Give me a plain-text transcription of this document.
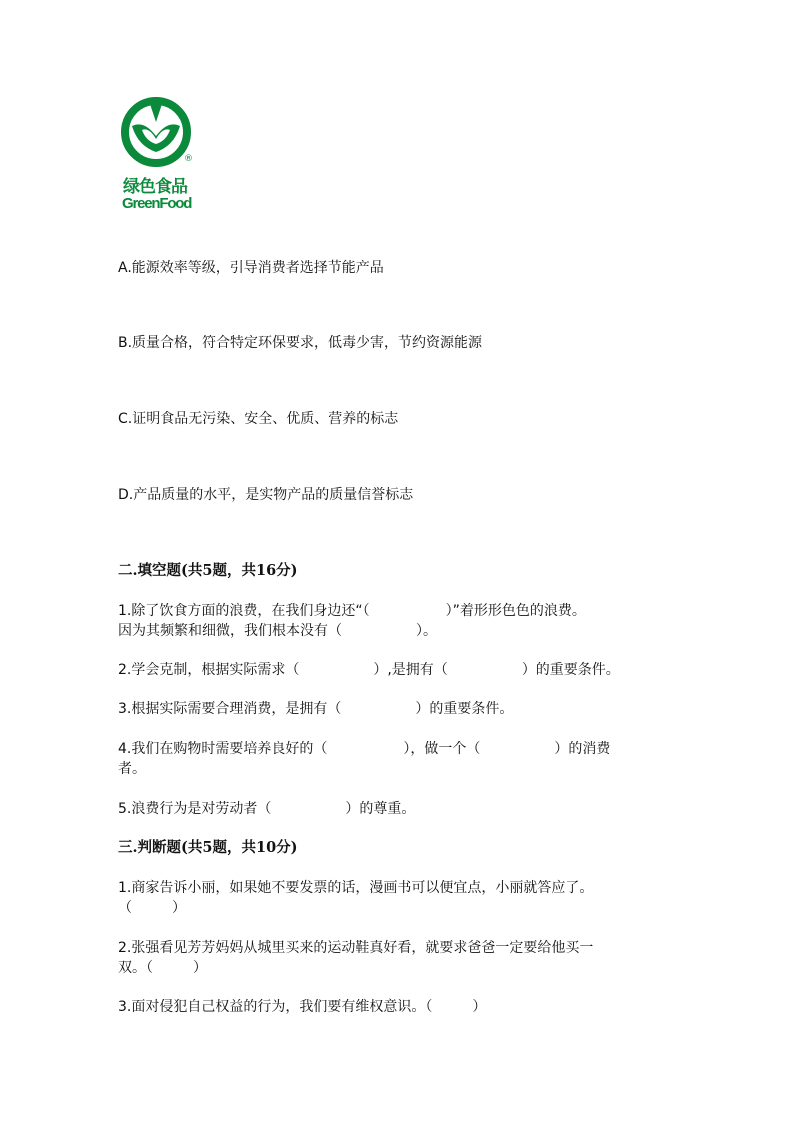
®
绿色食品
GreenFood
A.能源效率等级，引导消费者选择节能产品
B.质量合格，符合特定环保要求，低毒少害，节约资源能源
C.证明食品无污染、安全、优质、营养的标志
D.产品质量的水平，是实物产品的质量信誉标志
二.填空题(共5题，共16分)
1.除了饮食方面的浪费，在我们身边还“（	）”着形形色色的浪费。
因为其频繁和细微，我们根本没有（	）。
2.学会克制，根据实际需求（	）,是拥有（	）的重要条件。
3.根据实际需要合理消费，是拥有（	）的重要条件。
4.我们在购物时需要培养良好的（	），做一个（	）的消费
者。
5.浪费行为是对劳动者（	）的尊重。
三.判断题(共5题，共10分)
1.商家告诉小丽，如果她不要发票的话，漫画书可以便宜点，小丽就答应了。
（	）
2.张强看见芳芳妈妈从城里买来的运动鞋真好看，就要求爸爸一定要给他买一
双。（	）
3.面对侵犯自己权益的行为，我们要有维权意识。（	）
